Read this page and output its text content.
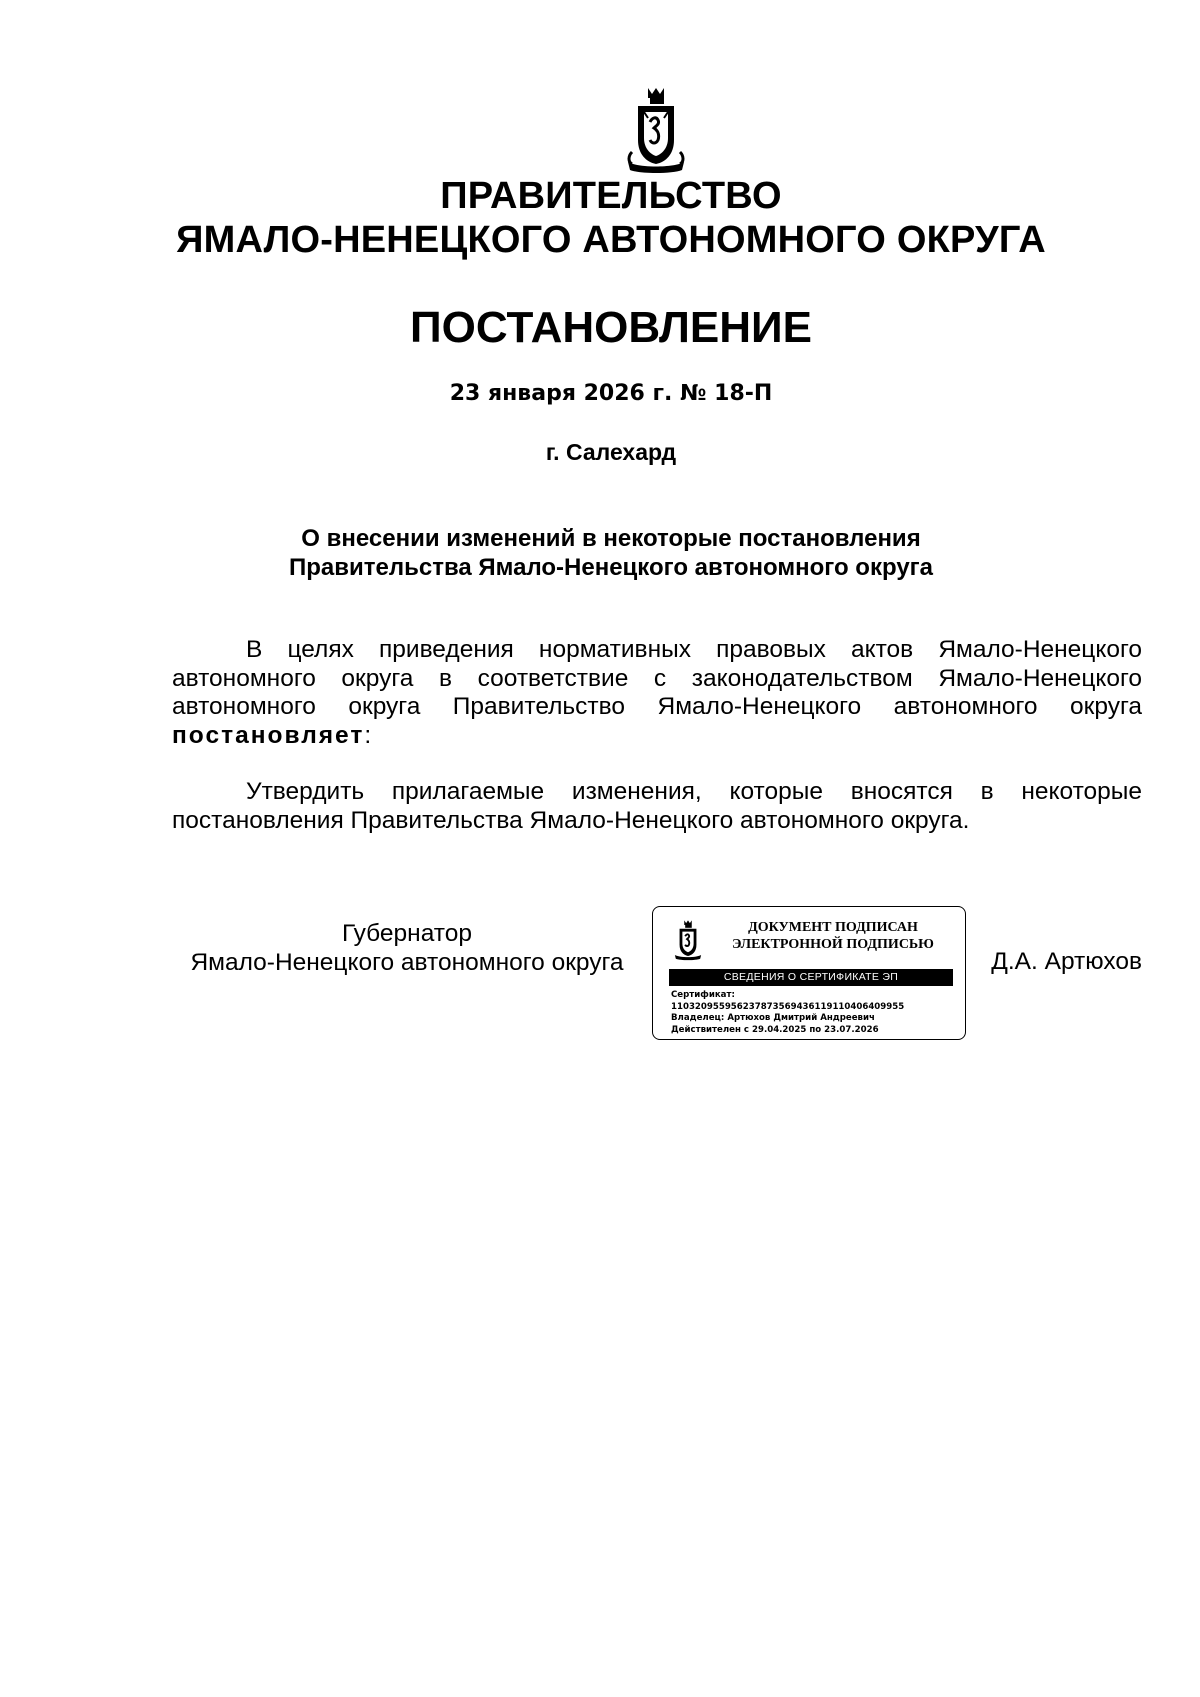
ПРАВИТЕЛЬСТВО
ЯМАЛО-НЕНЕЦКОГО АВТОНОМНОГО ОКРУГА
ПОСТАНОВЛЕНИЕ
23 января 2026 г. № 18-П
г. Салехард
О внесении изменений в некоторые постановления
Правительства Ямало-Ненецкого автономного округа
В целях приведения нормативных правовых актов Ямало-Ненецкого автономного округа в соответствие с законодательством Ямало-Ненецкого автономного округа Правительство Ямало-Ненецкого автономного округа постановляет:
Утвердить прилагаемые изменения, которые вносятся в некоторые постановления Правительства Ямало-Ненецкого автономного округа.
Губернатор
Ямало-Ненецкого автономного округа
ДОКУМЕНТ ПОДПИСАН
ЭЛЕКТРОННОЙ ПОДПИСЬЮ
СВЕДЕНИЯ О СЕРТИФИКАТЕ ЭП
Сертификат:
11032095595623787356943611911040640995​5
Владелец: Артюхов Дмитрий Андреевич
Действителен с 29.04.2025 по 23.07.2026
Д.А. Артюхов
